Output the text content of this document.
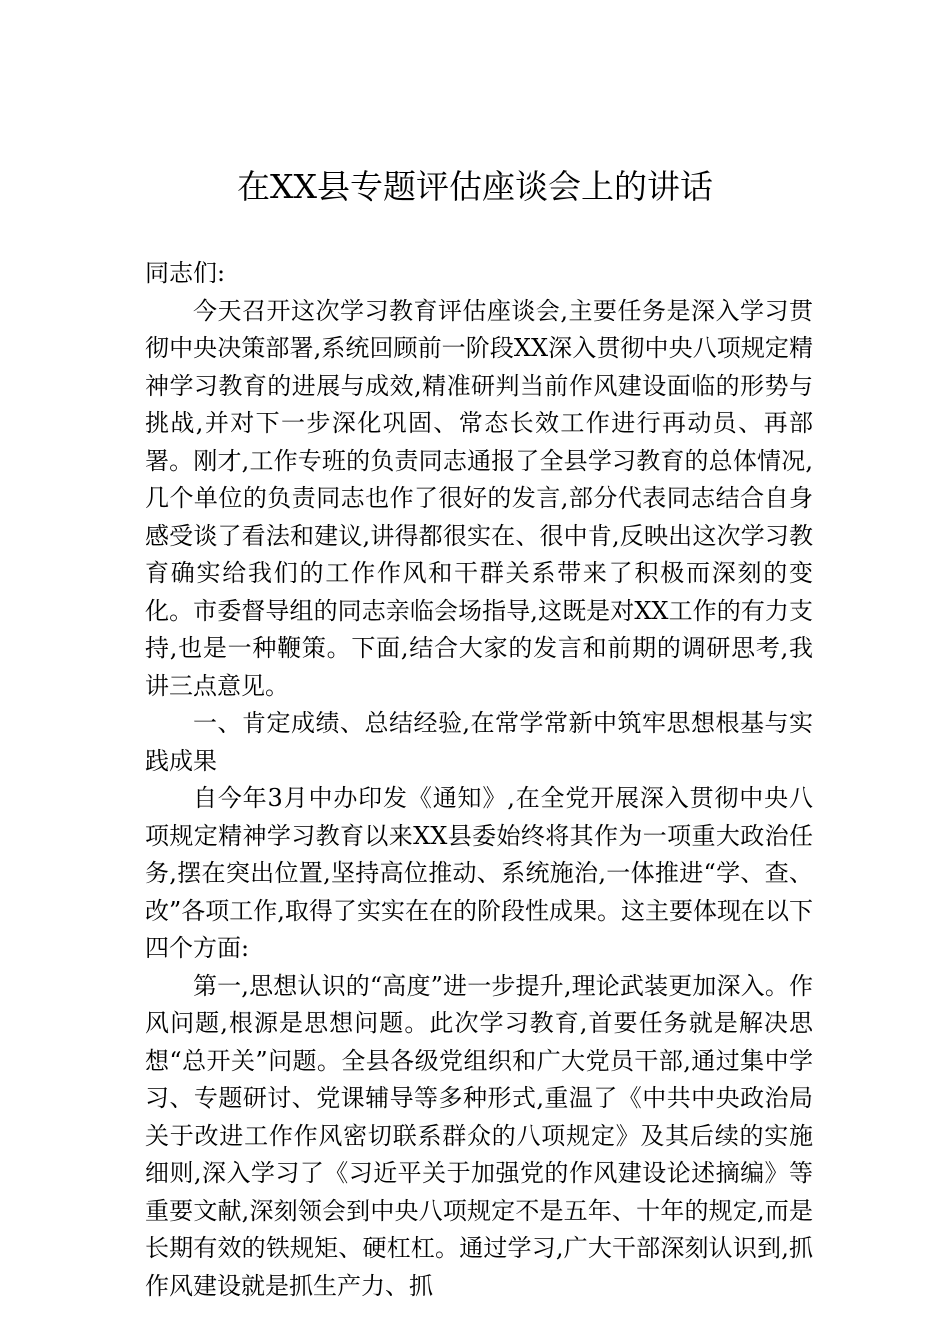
在XX县专题评估座谈会上的讲话

同志们:

今天召开这次学习教育评估座谈会,主要任务是深入学习贯彻中央决策部署,系统回顾前一阶段XX深入贯彻中央八项规定精神学习教育的进展与成效,精准研判当前作风建设面临的形势与挑战,并对下一步深化巩固、常态长效工作进行再动员、再部署。刚才,工作专班的负责同志通报了全县学习教育的总体情况,几个单位的负责同志也作了很好的发言,部分代表同志结合自身感受谈了看法和建议,讲得都很实在、很中肯,反映出这次学习教育确实给我们的工作作风和干群关系带来了积极而深刻的变化。市委督导组的同志亲临会场指导,这既是对XX工作的有力支持,也是一种鞭策。下面,结合大家的发言和前期的调研思考,我讲三点意见。

一、肯定成绩、总结经验,在常学常新中筑牢思想根基与实践成果

自今年3月中办印发《通知》,在全党开展深入贯彻中央八项规定精神学习教育以来XX县委始终将其作为一项重大政治任务,摆在突出位置,坚持高位推动、系统施治,一体推进“学、查、改”各项工作,取得了实实在在的阶段性成果。这主要体现在以下四个方面:

第一,思想认识的“高度”进一步提升,理论武装更加深入。作风问题,根源是思想问题。此次学习教育,首要任务就是解决思想“总开关”问题。全县各级党组织和广大党员干部,通过集中学习、专题研讨、党课辅导等多种形式,重温了《中共中央政治局关于改进工作作风密切联系群众的八项规定》及其后续的实施细则,深入学习了《习近平关于加强党的作风建设论述摘编》等重要文献,深刻领会到中央八项规定不是五年、十年的规定,而是长期有效的铁规矩、硬杠杠。通过学习,广大干部深刻认识到,抓作风建设就是抓生产力、抓
